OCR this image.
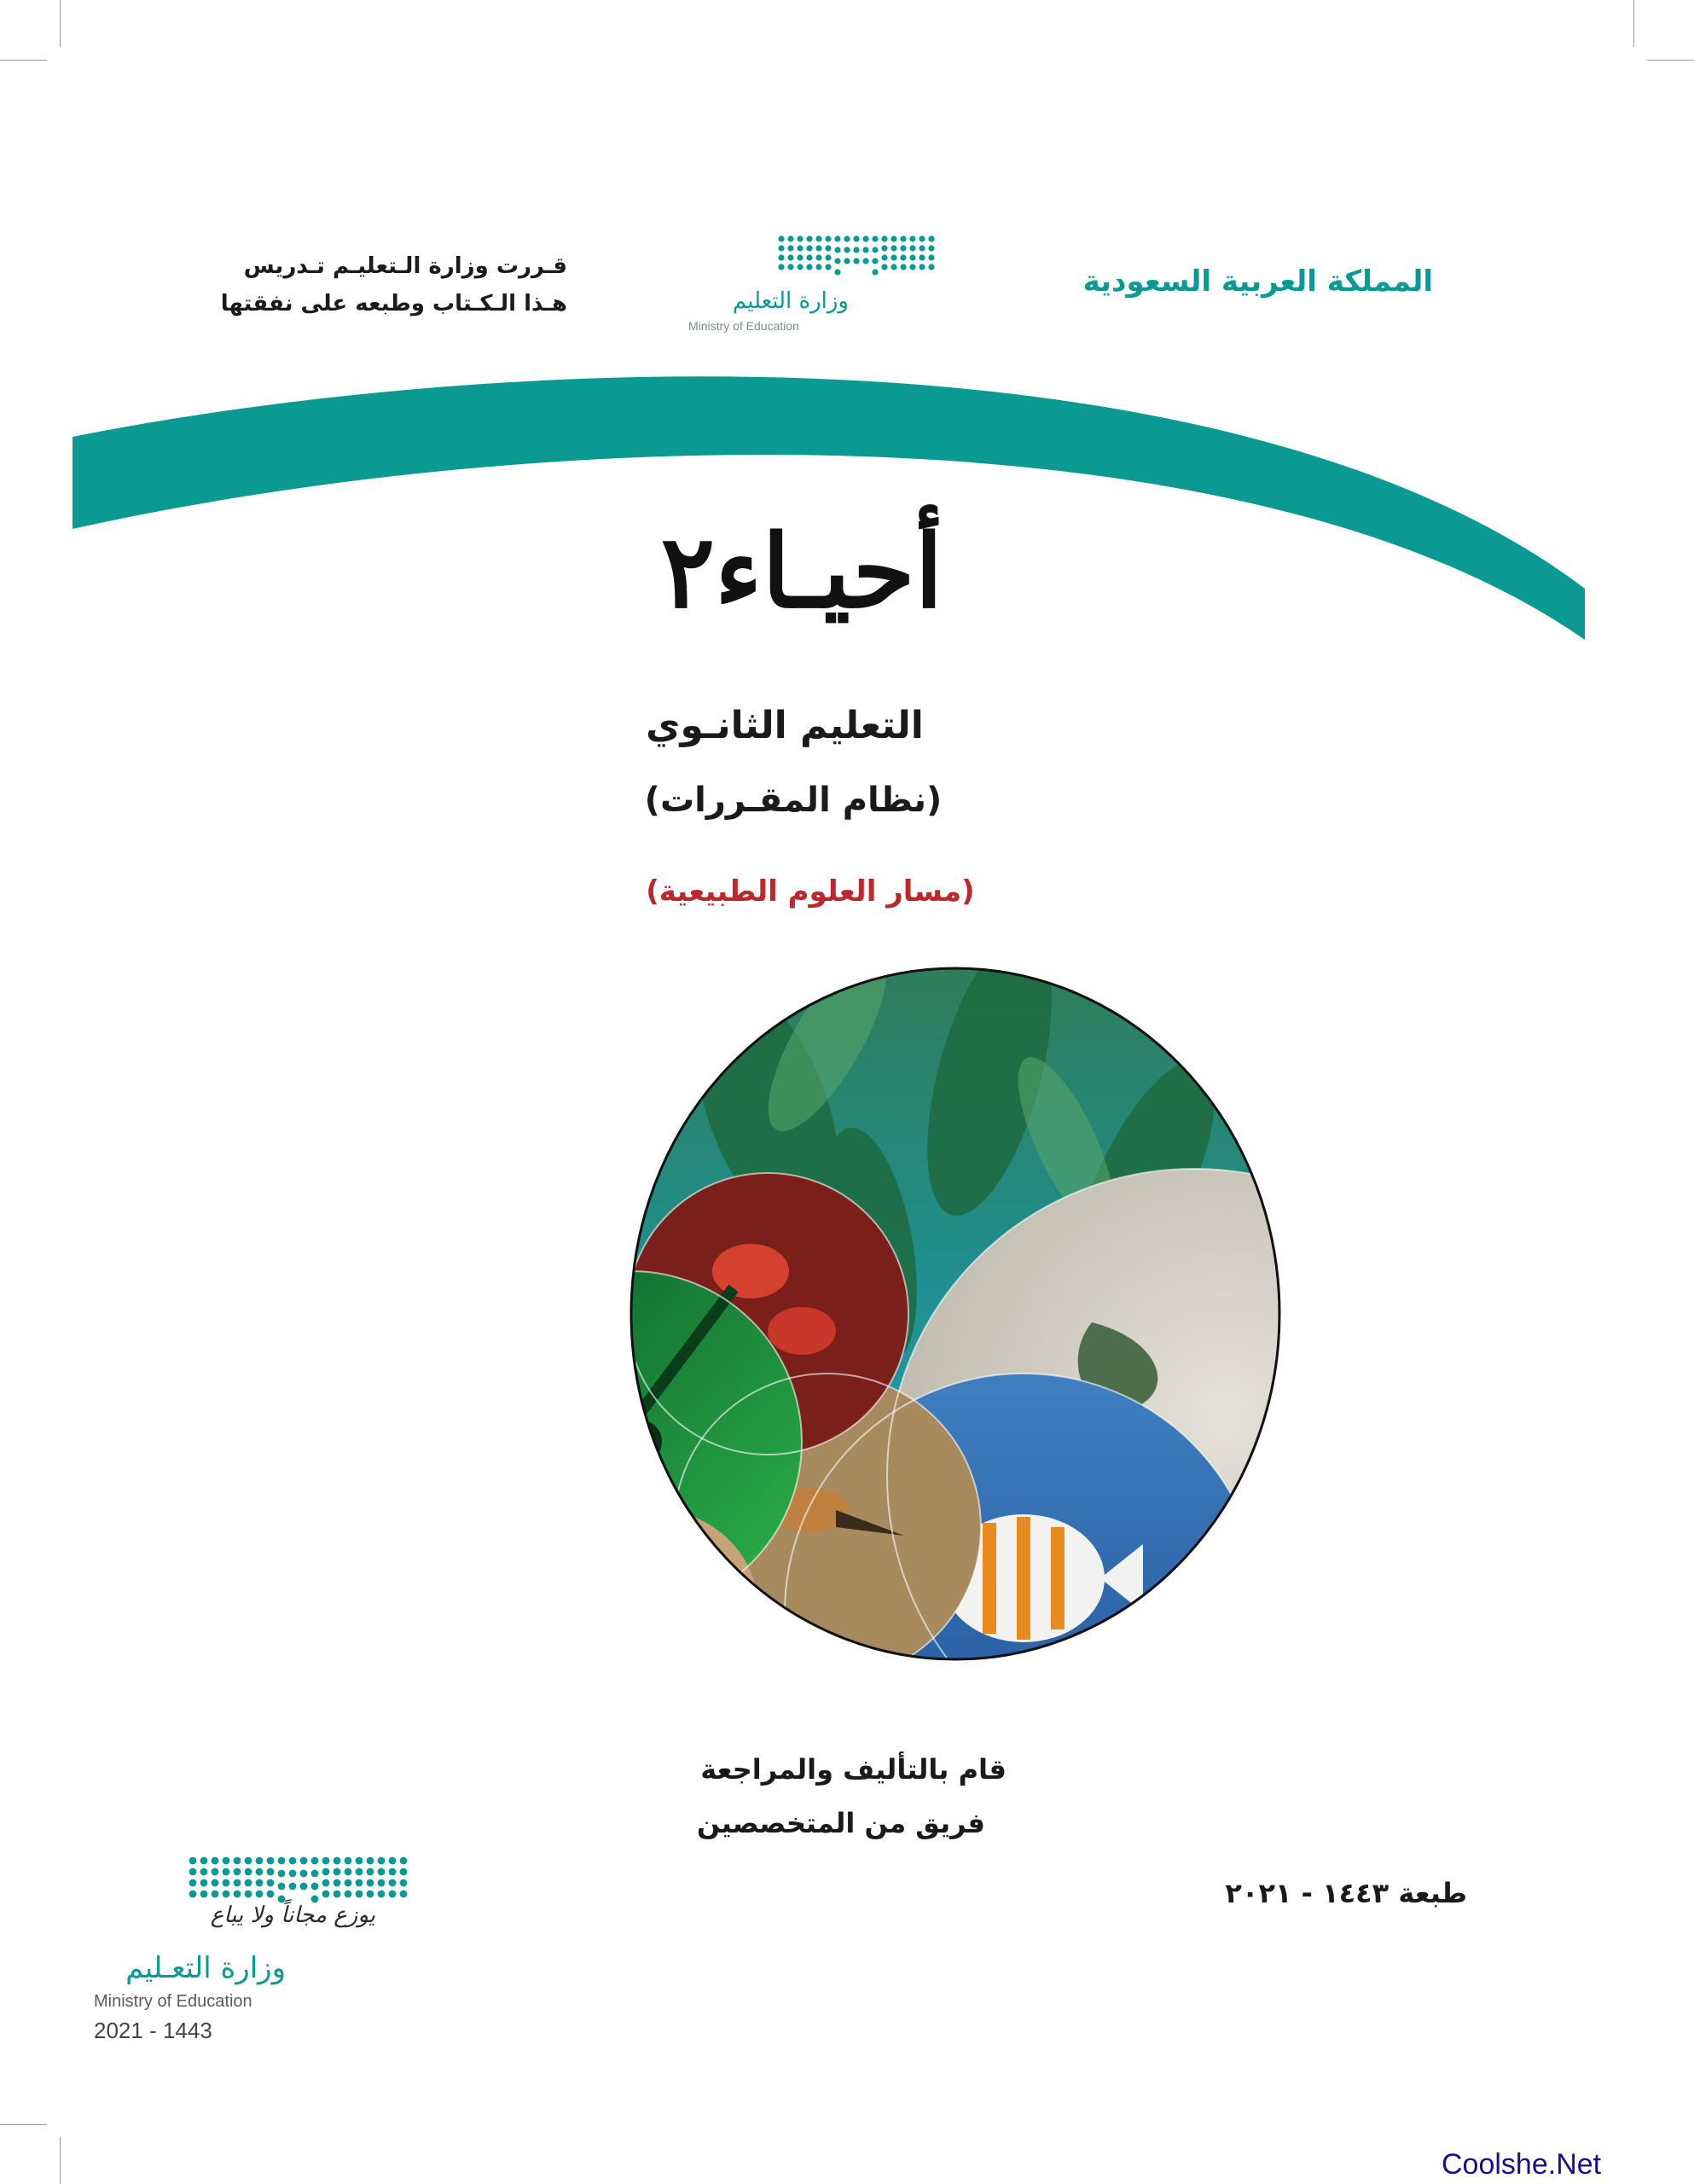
المملكة العربية السعودية
وزارة التعليم
Ministry of Education
قـررت وزارة الـتعليـم تـدريس
هـذا الـكـتاب وطبعه على نفقتها
أحيـاء٢
التعليم الثانـوي
(نظام المقـررات)
(مسار العلوم الطبيعية)
قام بالتأليف والمراجعة
فريق من المتخصصين
طبعة ١٤٤٣ - ٢٠٢١
يوزع مجاناً ولا يباع
وزارة التعـليم
Ministry of Education
2021 - 1443
Coolshe.Net
